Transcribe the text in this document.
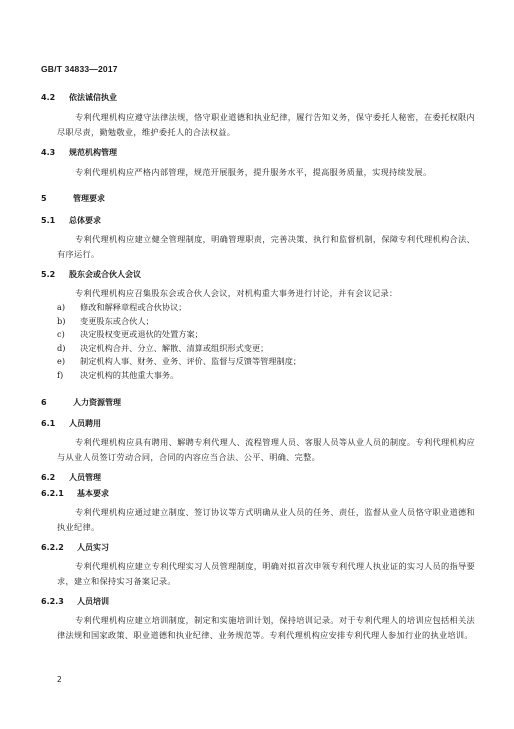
GB/T 34833—2017
4.2	依法诚信执业
专利代理机构应遵守法律法规，恪守职业道德和执业纪律，履行告知义务，保守委托人秘密，在委托权限内尽职尽责，勤勉敬业，维护委托人的合法权益。
4.3	规范机构管理
专利代理机构应严格内部管理，规范开展服务，提升服务水平，提高服务质量，实现持续发展。
5	管理要求
5.1	总体要求
专利代理机构应建立健全管理制度，明确管理职责，完善决策、执行和监督机制，保障专利代理机构合法、有序运行。
5.2	股东会或合伙人会议
专利代理机构应召集股东会或合伙人会议，对机构重大事务进行讨论，并有会议记录：
a)	修改和解释章程或合伙协议；
b)	变更股东或合伙人；
c)	决定股权变更或退伙的处置方案；
d)	决定机构合并、分立、解散、清算或组织形式变更；
e)	制定机构人事、财务、业务、评价、监督与反馈等管理制度；
f)	决定机构的其他重大事务。
6	人力资源管理
6.1	人员聘用
专利代理机构应具有聘用、解聘专利代理人、流程管理人员、客服人员等从业人员的制度。专利代理机构应与从业人员签订劳动合同，合同的内容应当合法、公平、明确、完整。
6.2	人员管理
6.2.1	基本要求
专利代理机构应通过建立制度、签订协议等方式明确从业人员的任务、责任，监督从业人员恪守职业道德和执业纪律。
6.2.2	人员实习
专利代理机构应建立专利代理实习人员管理制度，明确对拟首次申领专利代理人执业证的实习人员的指导要求，建立和保持实习备案记录。
6.2.3	人员培训
专利代理机构应建立培训制度，制定和实施培训计划，保持培训记录。对于专利代理人的培训应包括相关法律法规和国家政策、职业道德和执业纪律、业务规范等。专利代理机构应安排专利代理人参加行业的执业培训。
2
